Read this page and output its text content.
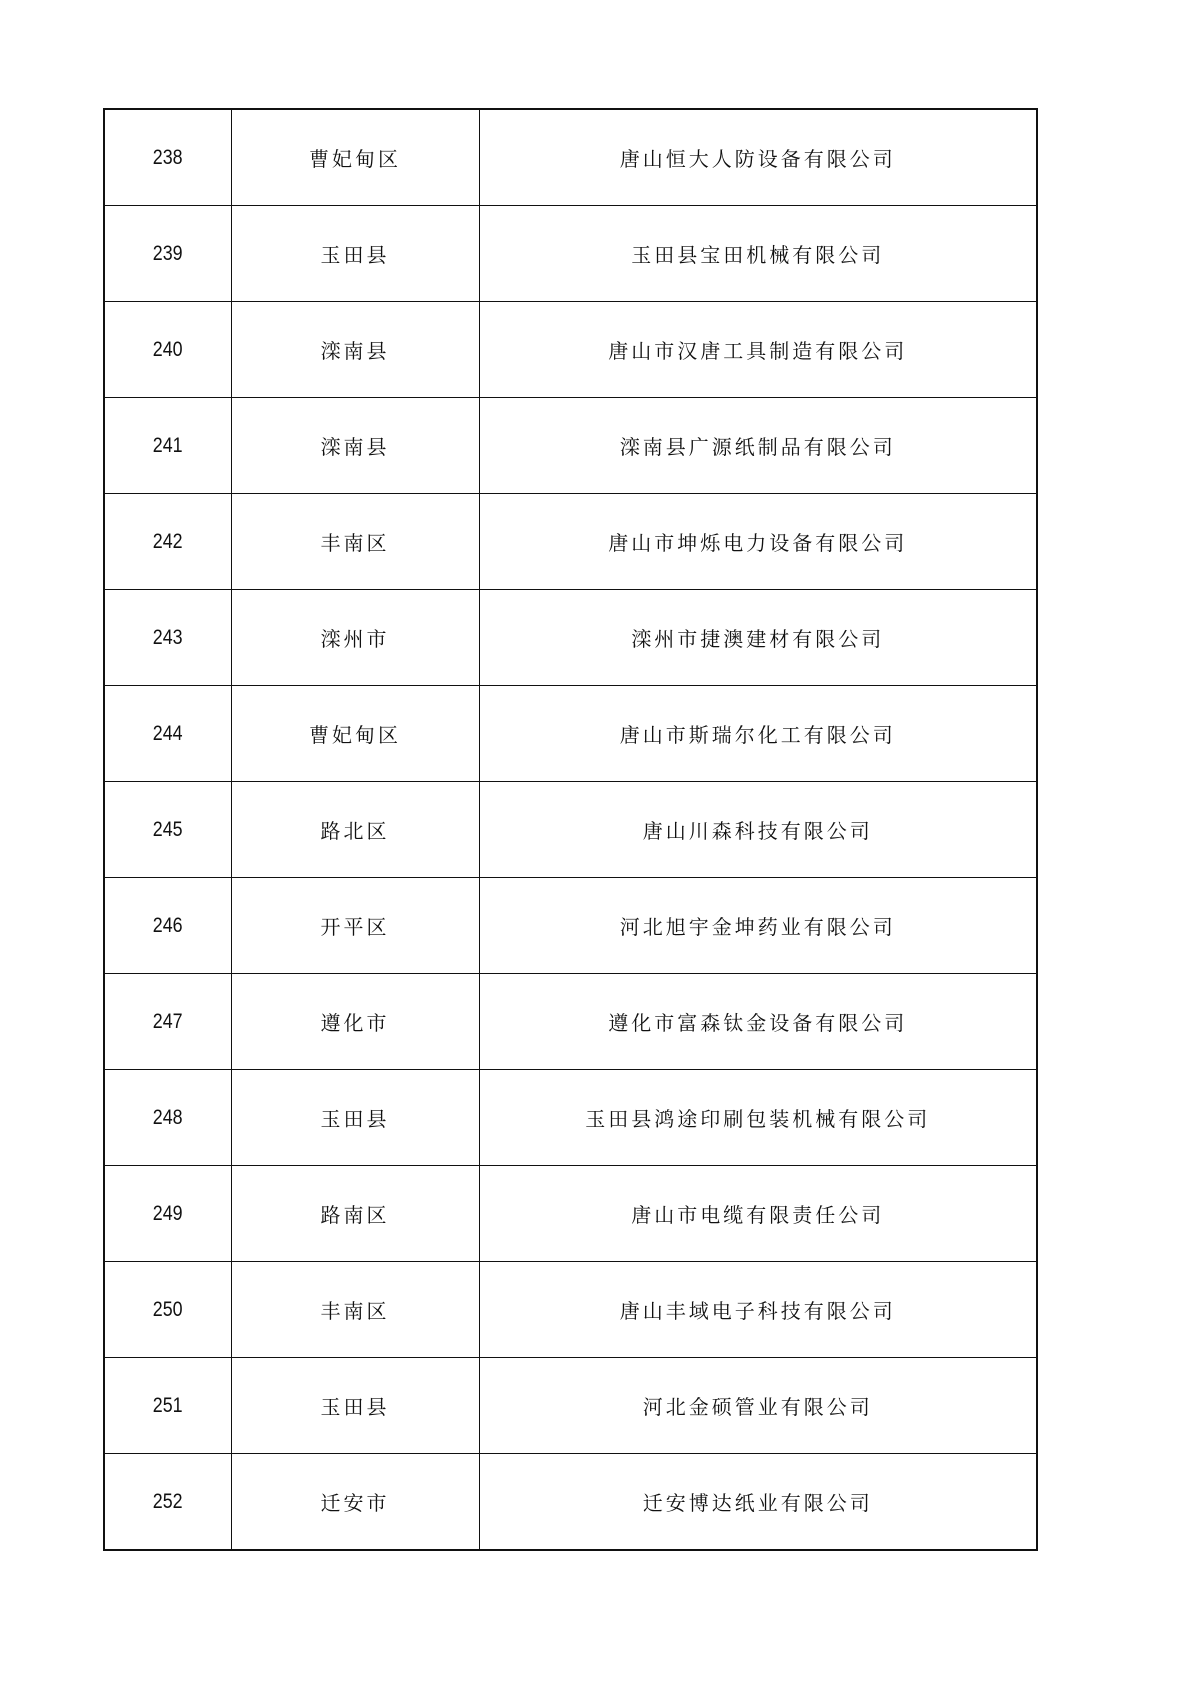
238	曹妃甸区	唐山恒大人防设备有限公司
239	玉田县	玉田县宝田机械有限公司
240	滦南县	唐山市汉唐工具制造有限公司
241	滦南县	滦南县广源纸制品有限公司
242	丰南区	唐山市坤烁电力设备有限公司
243	滦州市	滦州市捷澳建材有限公司
244	曹妃甸区	唐山市斯瑞尔化工有限公司
245	路北区	唐山川森科技有限公司
246	开平区	河北旭宇金坤药业有限公司
247	遵化市	遵化市富森钛金设备有限公司
248	玉田县	玉田县鸿途印刷包装机械有限公司
249	路南区	唐山市电缆有限责任公司
250	丰南区	唐山丰域电子科技有限公司
251	玉田县	河北金硕管业有限公司
252	迁安市	迁安博达纸业有限公司
